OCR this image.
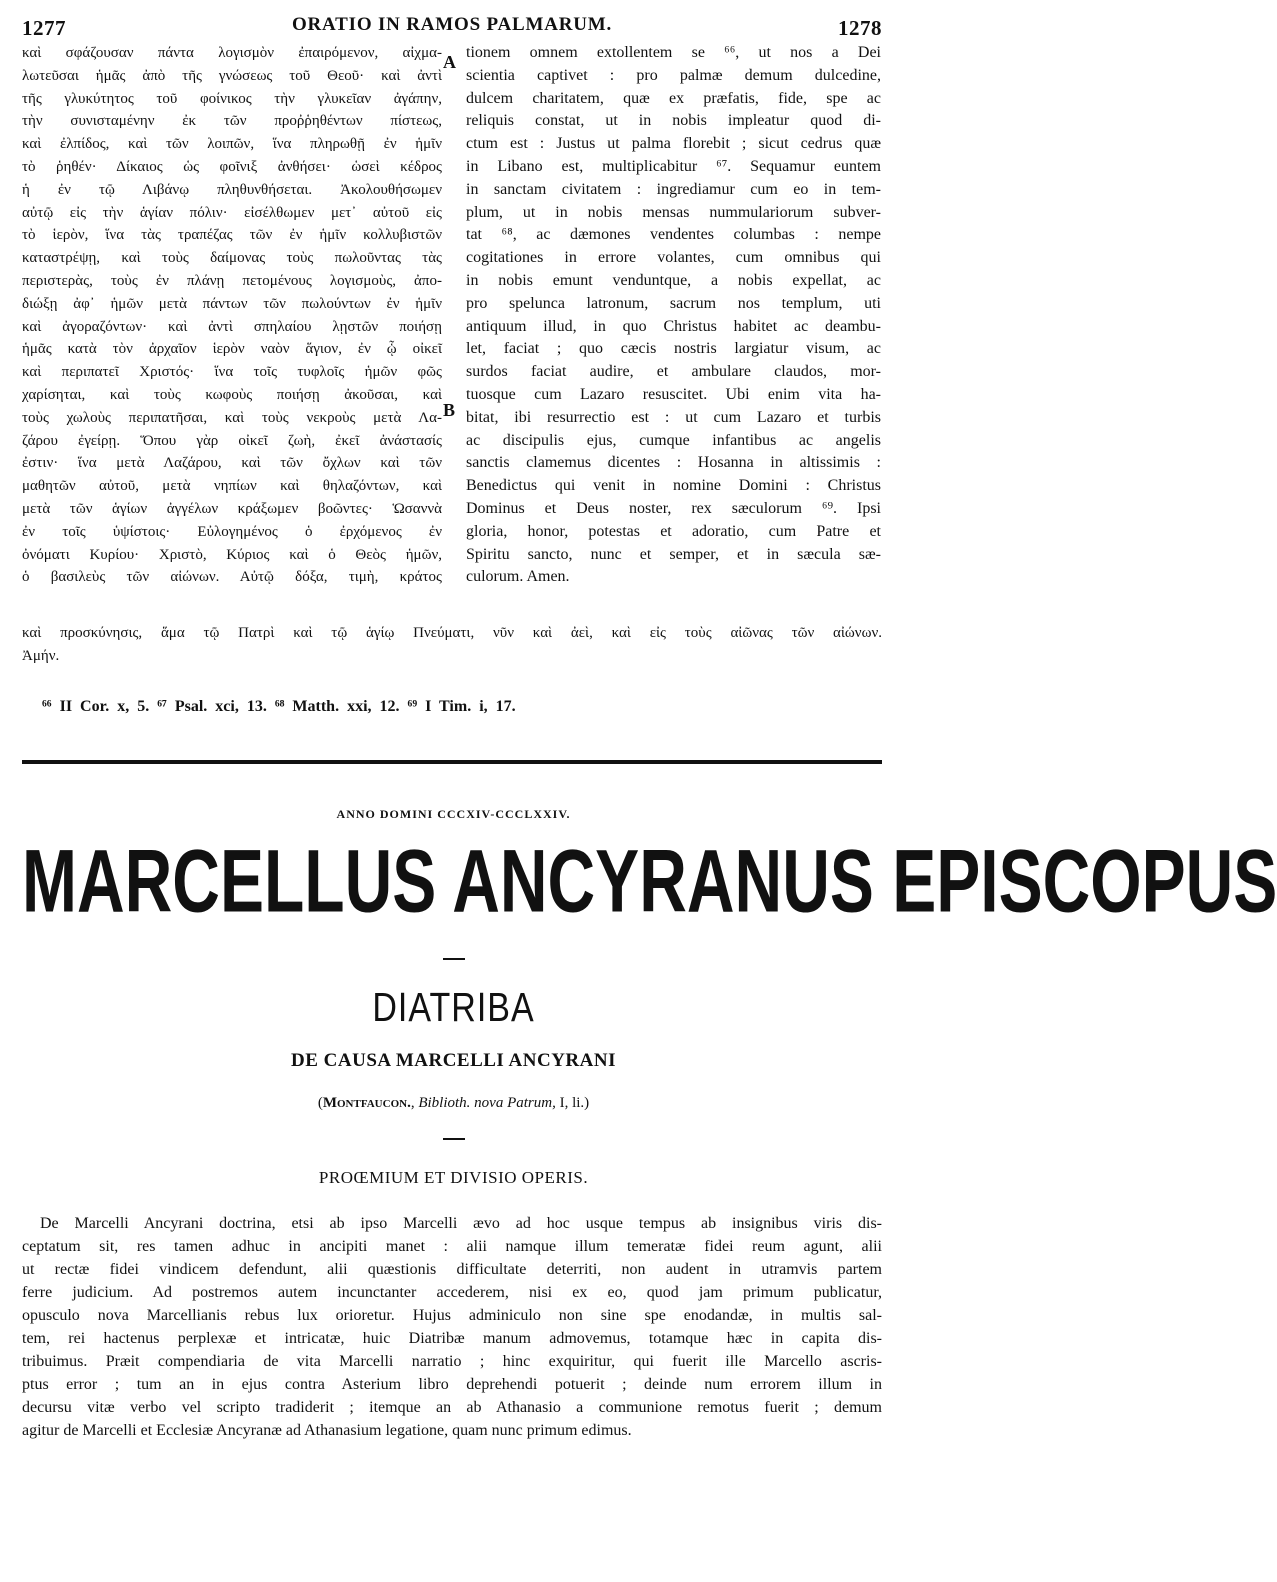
1277	ORATIO IN RAMOS PALMARUM.	1278
καὶ σφάζουσαν πάντα λογισμὸν ἐπαιρόμενον, αἰχμα-
λωτεῦσαι ἡμᾶς ἀπὸ τῆς γνώσεως τοῦ Θεοῦ· καὶ ἀντὶ
τῆς γλυκύτητος τοῦ φοίνικος τὴν γλυκεῖαν ἀγάπην,
τὴν συνισταμένην ἐκ τῶν προῤῥηθέντων πίστεως,
καὶ ἐλπίδος, καὶ τῶν λοιπῶν, ἵνα πληρωθῇ ἐν ἡμῖν
τὸ ῥηθέν· Δίκαιος ὡς φοῖνιξ ἀνθήσει· ὡσεὶ κέδρος
ἡ ἐν τῷ Λιβάνῳ πληθυνθήσεται. Ἀκολουθήσωμεν
αὐτῷ εἰς τὴν ἁγίαν πόλιν· εἰσέλθωμεν μετ᾽ αὐτοῦ εἰς
τὸ ἱερὸν, ἵνα τὰς τραπέζας τῶν ἐν ἡμῖν κολλυβιστῶν
καταστρέψῃ, καὶ τοὺς δαίμονας τοὺς πωλοῦντας τὰς
περιστερὰς, τοὺς ἐν πλάνῃ πετομένους λογισμοὺς, ἀπο-
διώξῃ ἀφ᾽ ἡμῶν μετὰ πάντων τῶν πωλούντων ἐν ἡμῖν
καὶ ἀγοραζόντων· καὶ ἀντὶ σπηλαίου λῃστῶν ποιήσῃ
ἡμᾶς κατὰ τὸν ἀρχαῖον ἱερὸν ναὸν ἅγιον, ἐν ᾧ οἰκεῖ
καὶ περιπατεῖ Χριστός· ἵνα τοῖς τυφλοῖς ἡμῶν φῶς
χαρίσηται, καὶ τοὺς κωφοὺς ποιήσῃ ἀκοῦσαι, καὶ
τοὺς χωλοὺς περιπατῆσαι, καὶ τοὺς νεκροὺς μετὰ Λα-
ζάρου ἐγείρῃ. Ὅπου γὰρ οἰκεῖ ζωὴ, ἐκεῖ ἀνάστασίς
ἐστιν· ἵνα μετὰ Λαζάρου, καὶ τῶν ὄχλων καὶ τῶν
μαθητῶν αὐτοῦ, μετὰ νηπίων καὶ θηλαζόντων, καὶ
μετὰ τῶν ἁγίων ἀγγέλων κράξωμεν βοῶντες· Ὡσαννὰ
ἐν τοῖς ὑψίστοις· Εὐλογημένος ὁ ἐρχόμενος ἐν
ὀνόματι Κυρίου· Χριστὸ, Κύριος καὶ ὁ Θεὸς ἡμῶν,
ὁ βασιλεὺς τῶν αἰώνων. Αὐτῷ δόξα, τιμὴ, κράτος
A
B
tionem omnem extollentem se ⁶⁶, ut nos a Dei
scientia captivet : pro palmæ demum dulcedine,
dulcem charitatem, quæ ex præfatis, fide, spe ac
reliquis constat, ut in nobis impleatur quod di-
ctum est : Justus ut palma florebit ; sicut cedrus quæ
in Libano est, multiplicabitur ⁶⁷. Sequamur euntem
in sanctam civitatem : ingrediamur cum eo in tem-
plum, ut in nobis mensas nummulariorum subver-
tat ⁶⁸, ac dæmones vendentes columbas : nempe
cogitationes in errore volantes, cum omnibus qui
in nobis emunt venduntque, a nobis expellat, ac
pro spelunca latronum, sacrum nos templum, uti
antiquum illud, in quo Christus habitet ac deambu-
let, faciat ; quo cæcis nostris largiatur visum, ac
surdos faciat audire, et ambulare claudos, mor-
tuosque cum Lazaro resuscitet. Ubi enim vita ha-
bitat, ibi resurrectio est : ut cum Lazaro et turbis
ac discipulis ejus, cumque infantibus ac angelis
sanctis clamemus dicentes : Hosanna in altissimis :
Benedictus qui venit in nomine Domini : Christus
Dominus et Deus noster, rex sæculorum ⁶⁹. Ipsi
gloria, honor, potestas et adoratio, cum Patre et
Spiritu sancto, nunc et semper, et in sæcula sæ-
culorum. Amen.
καὶ προσκύνησις, ἅμα τῷ Πατρὶ καὶ τῷ ἁγίῳ Πνεύματι, νῦν καὶ ἀεὶ, καὶ εἰς τοὺς αἰῶνας τῶν αἰώνων.
Ἀμήν.
⁶⁶ II Cor. x, 5. ⁶⁷ Psal. xci, 13. ⁶⁸ Matth. xxi, 12. ⁶⁹ I Tim. i, 17.
ANNO DOMINI CCCXIV-CCCLXXIV.
MARCELLUS ANCYRANUS EPISCOPUS
DIATRIBA
DE CAUSA MARCELLI ANCYRANI
(Montfaucon., Biblioth. nova Patrum, I, li.)
PROŒMIUM ET DIVISIO OPERIS.
De Marcelli Ancyrani doctrina, etsi ab ipso Marcelli ævo ad hoc usque tempus ab insignibus viris dis-
ceptatum sit, res tamen adhuc in ancipiti manet : alii namque illum temeratæ fidei reum agunt, alii
ut rectæ fidei vindicem defendunt, alii quæstionis difficultate deterriti, non audent in utramvis partem
ferre judicium. Ad postremos autem incunctanter accederem, nisi ex eo, quod jam primum publicatur,
opusculo nova Marcellianis rebus lux orioretur. Hujus adminiculo non sine spe enodandæ, in multis sal-
tem, rei hactenus perplexæ et intricatæ, huic Diatribæ manum admovemus, totamque hæc in capita dis-
tribuimus. Præit compendiaria de vita Marcelli narratio ; hinc exquiritur, qui fuerit ille Marcello ascris-
ptus error ; tum an in ejus contra Asterium libro deprehendi potuerit ; deinde num errorem illum in
decursu vitæ verbo vel scripto tradiderit ; itemque an ab Athanasio a communione remotus fuerit ; demum
agitur de Marcelli et Ecclesiæ Ancyranæ ad Athanasium legatione, quam nunc primum edimus.
